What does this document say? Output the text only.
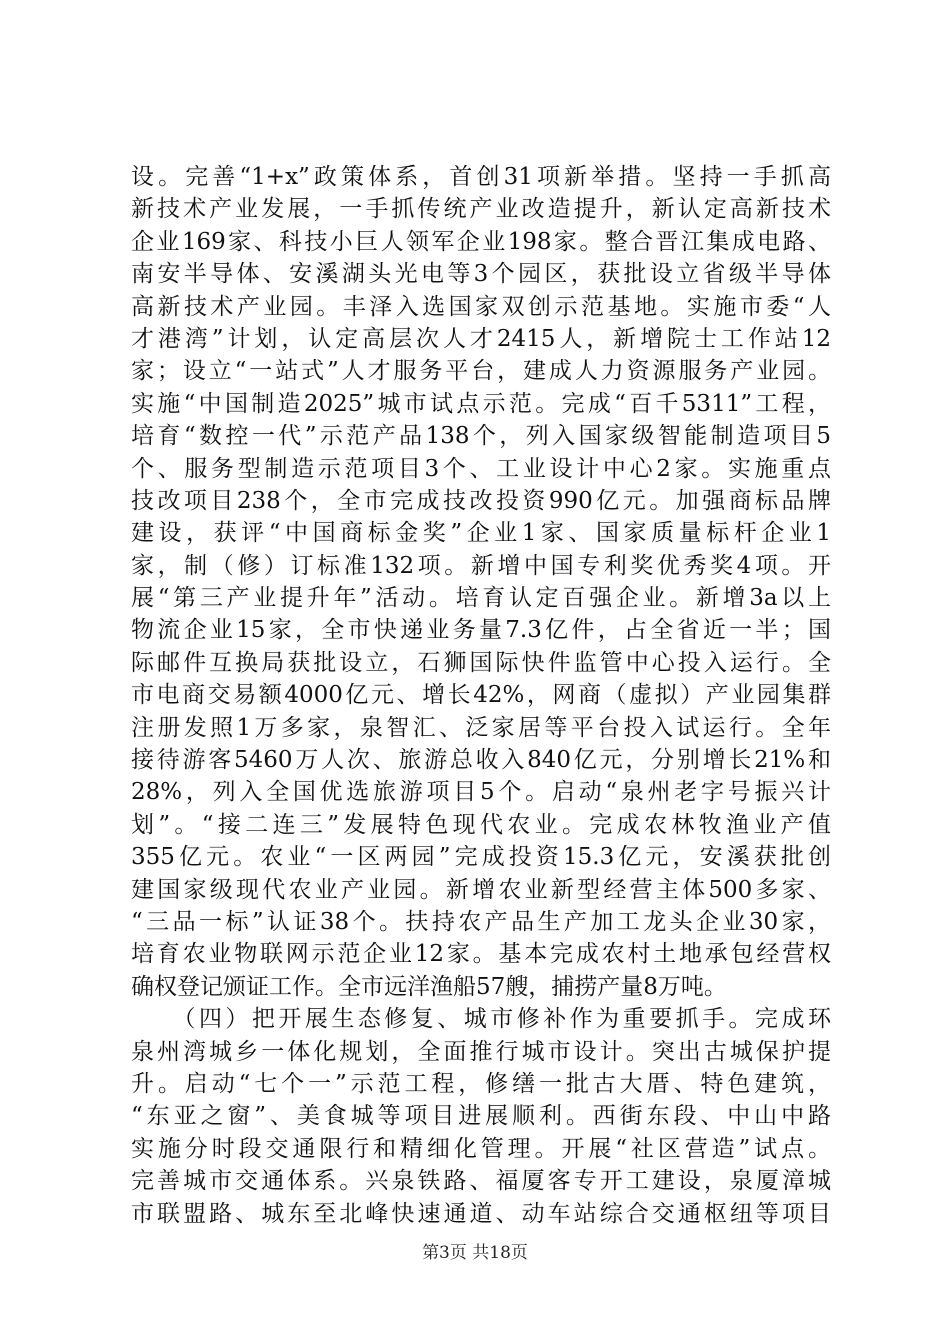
设。完善“1+x”政策体系，首创31项新举措。坚持一手抓高
新技术产业发展，一手抓传统产业改造提升，新认定高新技术
企业169家、科技小巨人领军企业198家。整合晋江集成电路、
南安半导体、安溪湖头光电等3个园区，获批设立省级半导体
高新技术产业园。丰泽入选国家双创示范基地。实施市委“人
才港湾”计划，认定高层次人才2415人，新增院士工作站12
家；设立“一站式”人才服务平台，建成人力资源服务产业园。
实施“中国制造2025”城市试点示范。完成“百千5311”工程，
培育“数控一代”示范产品138个，列入国家级智能制造项目5
个、服务型制造示范项目3个、工业设计中心2家。实施重点
技改项目238个，全市完成技改投资990亿元。加强商标品牌
建设，获评“中国商标金奖”企业1家、国家质量标杆企业1
家，制（修）订标准132项。新增中国专利奖优秀奖4项。开
展“第三产业提升年”活动。培育认定百强企业。新增3a以上
物流企业15家，全市快递业务量7.3亿件，占全省近一半；国
际邮件互换局获批设立，石狮国际快件监管中心投入运行。全
市电商交易额4000亿元、增长42%，网商（虚拟）产业园集群
注册发照1万多家，泉智汇、泛家居等平台投入试运行。全年
接待游客5460万人次、旅游总收入840亿元，分别增长21%和
28%，列入全国优选旅游项目5个。启动“泉州老字号振兴计
划”。“接二连三”发展特色现代农业。完成农林牧渔业产值
355亿元。农业“一区两园”完成投资15.3亿元，安溪获批创
建国家级现代农业产业园。新增农业新型经营主体500多家、
“三品一标”认证38个。扶持农产品生产加工龙头企业30家，
培育农业物联网示范企业12家。基本完成农村土地承包经营权
确权登记颁证工作。全市远洋渔船57艘，捕捞产量8万吨。
　　（四）把开展生态修复、城市修补作为重要抓手。完成环
泉州湾城乡一体化规划，全面推行城市设计。突出古城保护提
升。启动“七个一”示范工程，修缮一批古大厝、特色建筑，
“东亚之窗”、美食城等项目进展顺利。西街东段、中山中路
实施分时段交通限行和精细化管理。开展“社区营造”试点。
完善城市交通体系。兴泉铁路、福厦客专开工建设，泉厦漳城
市联盟路、城东至北峰快速通道、动车站综合交通枢纽等项目
第3页 共18页
